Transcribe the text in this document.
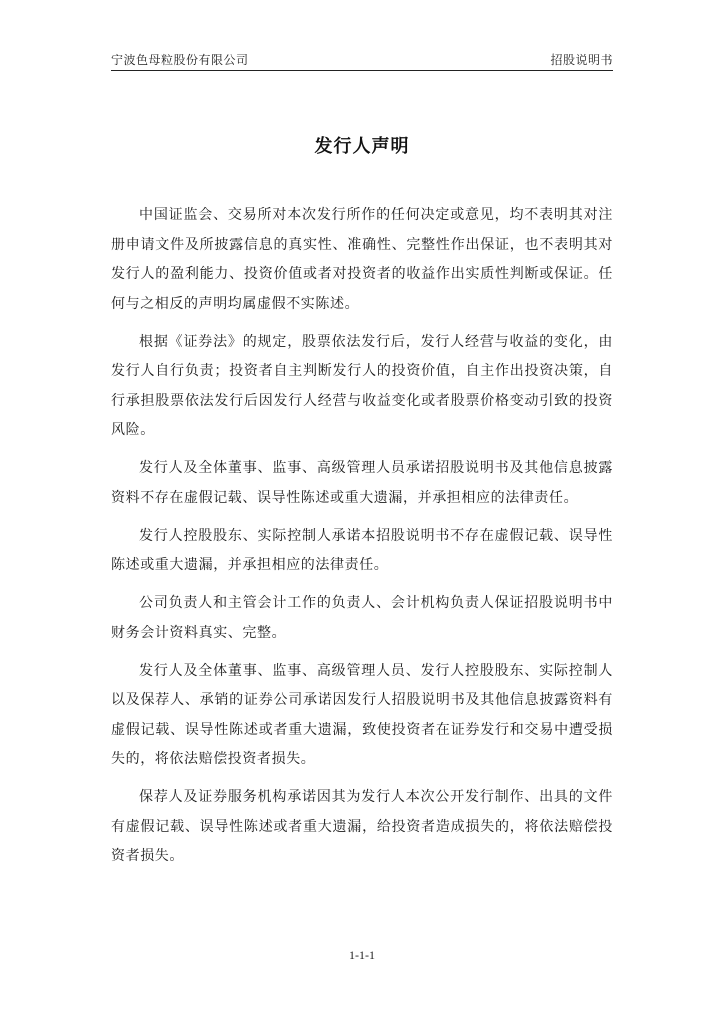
宁波色母粒股份有限公司	招股说明书
发行人声明

中国证监会、交易所对本次发行所作的任何决定或意见，均不表明其对注册申请文件及所披露信息的真实性、准确性、完整性作出保证，也不表明其对发行人的盈利能力、投资价值或者对投资者的收益作出实质性判断或保证。任何与之相反的声明均属虚假不实陈述。

根据《证券法》的规定，股票依法发行后，发行人经营与收益的变化，由发行人自行负责；投资者自主判断发行人的投资价值，自主作出投资决策，自行承担股票依法发行后因发行人经营与收益变化或者股票价格变动引致的投资风险。

发行人及全体董事、监事、高级管理人员承诺招股说明书及其他信息披露资料不存在虚假记载、误导性陈述或重大遗漏，并承担相应的法律责任。

发行人控股股东、实际控制人承诺本招股说明书不存在虚假记载、误导性陈述或重大遗漏，并承担相应的法律责任。

公司负责人和主管会计工作的负责人、会计机构负责人保证招股说明书中财务会计资料真实、完整。

发行人及全体董事、监事、高级管理人员、发行人控股股东、实际控制人以及保荐人、承销的证券公司承诺因发行人招股说明书及其他信息披露资料有虚假记载、误导性陈述或者重大遗漏，致使投资者在证券发行和交易中遭受损失的，将依法赔偿投资者损失。

保荐人及证券服务机构承诺因其为发行人本次公开发行制作、出具的文件有虚假记载、误导性陈述或者重大遗漏，给投资者造成损失的，将依法赔偿投资者损失。

1-1-1
